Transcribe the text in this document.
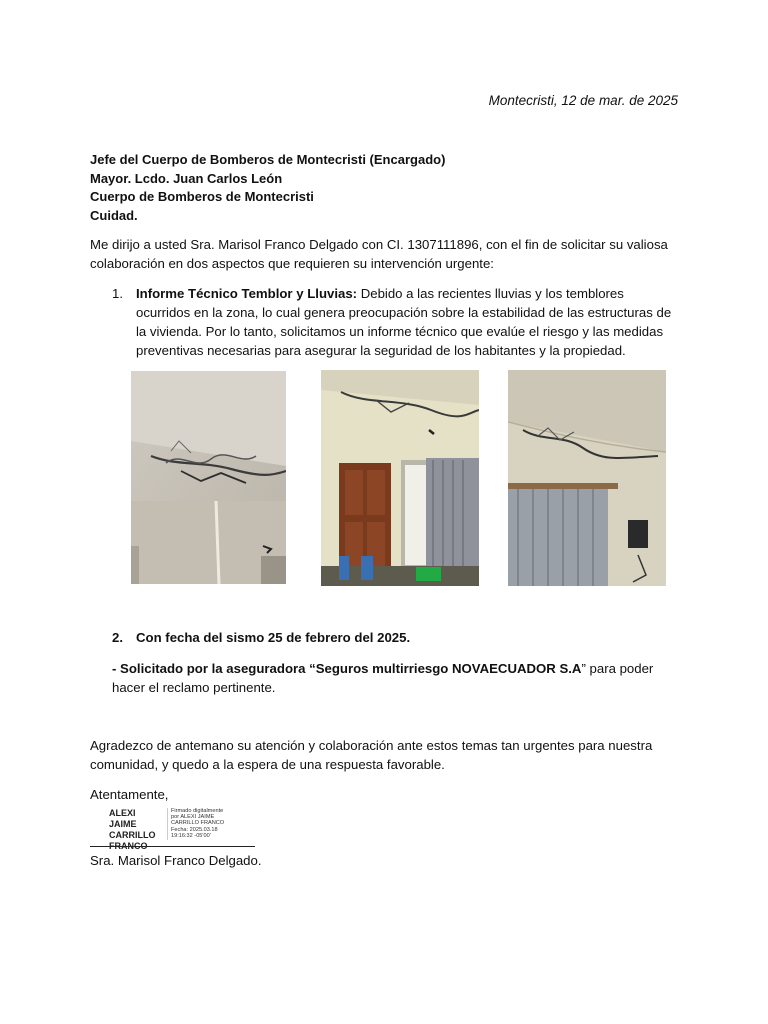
Montecristi, 12 de mar. de 2025
Jefe del Cuerpo de Bomberos de Montecristi (Encargado)
Mayor. Lcdo. Juan Carlos León
Cuerpo de Bomberos de Montecristi
Cuidad.
Me dirijo a usted Sra. Marisol Franco Delgado con CI. 1307111896, con el fin de solicitar su valiosa colaboración en dos aspectos que requieren su intervención urgente:
1. Informe Técnico Temblor y Lluvias: Debido a las recientes lluvias y los temblores ocurridos en la zona, lo cual genera preocupación sobre la estabilidad de las estructuras de la vivienda. Por lo tanto, solicitamos un informe técnico que evalúe el riesgo y las medidas preventivas necesarias para asegurar la seguridad de los habitantes y la propiedad.
2. Con fecha del sismo 25 de febrero del 2025.
- Solicitado por la aseguradora “Seguros multirriesgo NOVAECUADOR S.A” para poder hacer el reclamo pertinente.
Agradezco de antemano su atención y colaboración ante estos temas tan urgentes para nuestra comunidad, y quedo a la espera de una respuesta favorable.
Atentamente,
ALEXI JAIME
CARRILLO
FRANCO
Firmado digitalmente
por ALEXI JAIME
CARRILLO FRANCO
Fecha: 2025.03.18
19:16:32 -05'00'
Sra. Marisol Franco Delgado.
